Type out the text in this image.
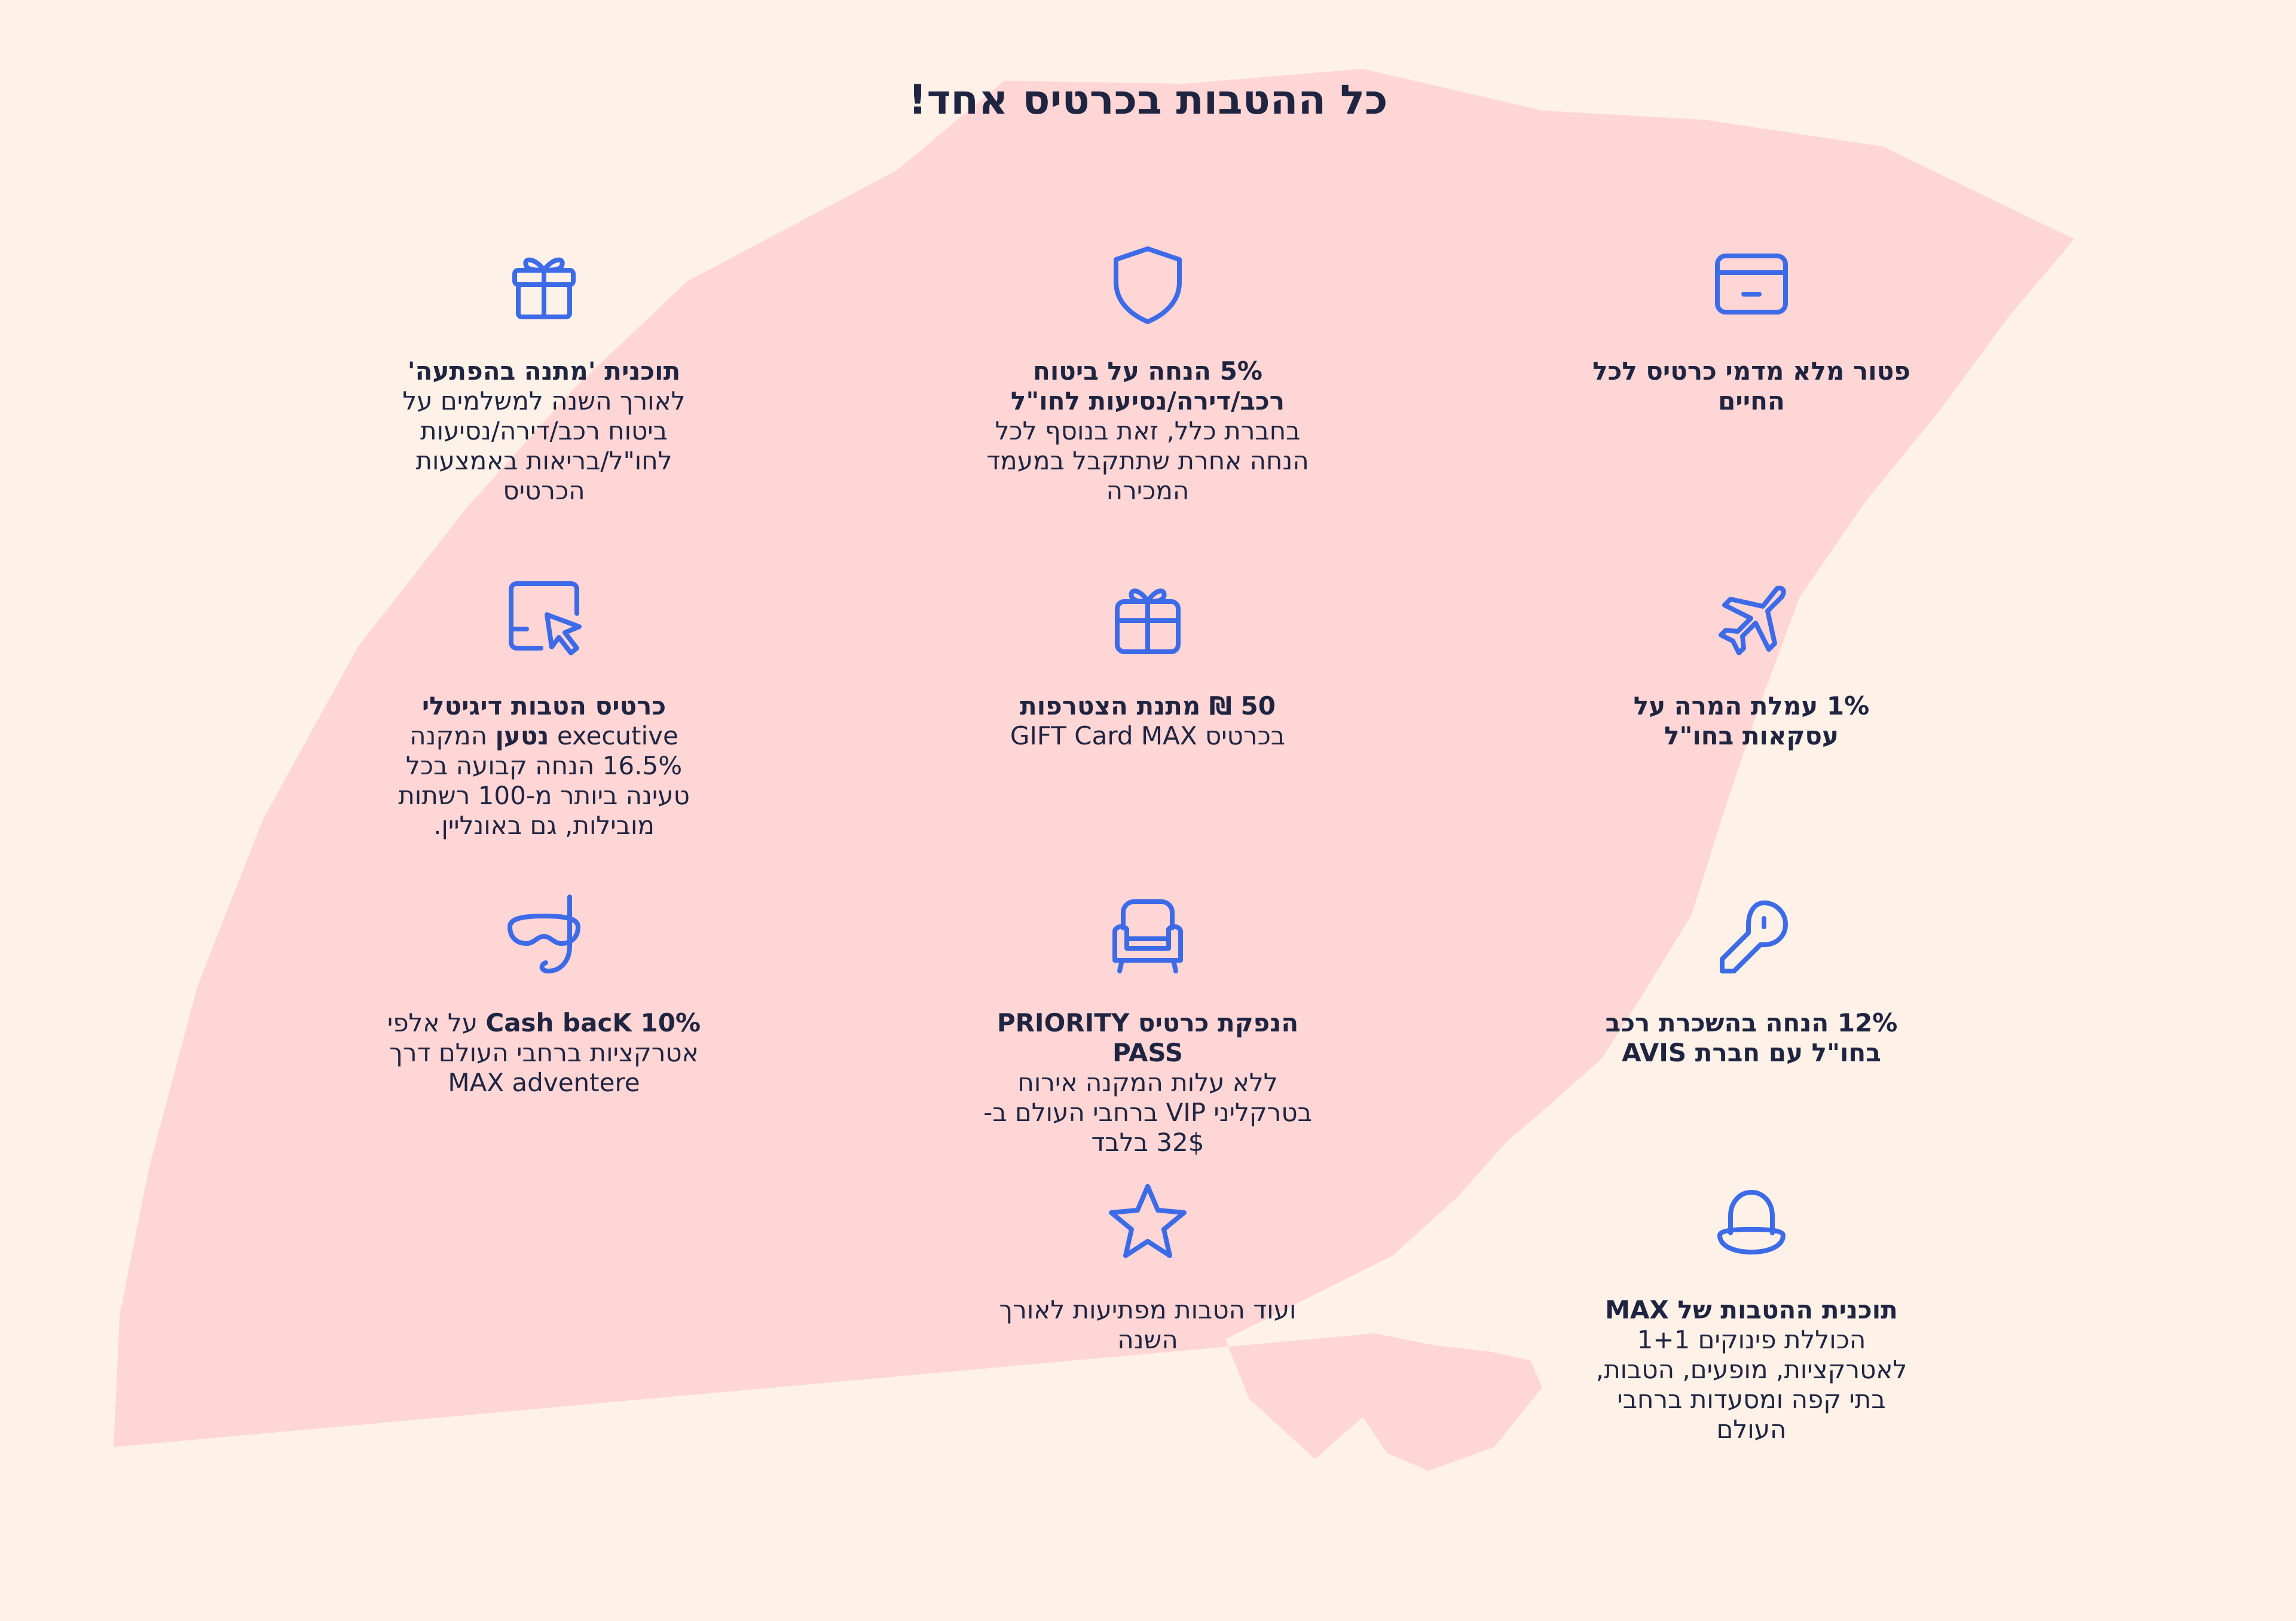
כל ההטבות בכרטיס אחד!
פטור מלא מדמי כרטיס לכל החיים
5% הנחה על ביטוח רכב/דירה/נסיעות לחו"ל
בחברת כלל, זאת בנוסף לכל הנחה אחרת שתתקבל במעמד המכירה
תוכנית 'מתנה בהפתעה'
לאורך השנה למשלמים על ביטוח רכב/דירה/נסיעות לחו"ל/בריאות באמצעות הכרטיס
1% עמלת המרה על עסקאות בחו"ל
50 ₪ מתנת הצטרפות
בכרטיס GIFT Card MAX
כרטיס הטבות דיגיטלי
executive נטען המקנה 16.5% הנחה קבועה בכל טעינה ביותר מ-100 רשתות מובילות, גם באונליין.
12% הנחה בהשכרת רכב בחו"ל עם חברת AVIS
הנפקת כרטיס PRIORITY PASS
ללא עלות המקנה אירוח בטרקליני VIP ברחבי העולם ב- 32$ בלבד
Cash bacK 10% על אלפי אטרקציות ברחבי העולם דרך MAX adventere
תוכנית ההטבות של MAX הכוללת פינוקים 1+1 לאטרקציות, מופעים, הטבות, בתי קפה ומסעדות ברחבי העולם
ועוד הטבות מפתיעות לאורך השנה
